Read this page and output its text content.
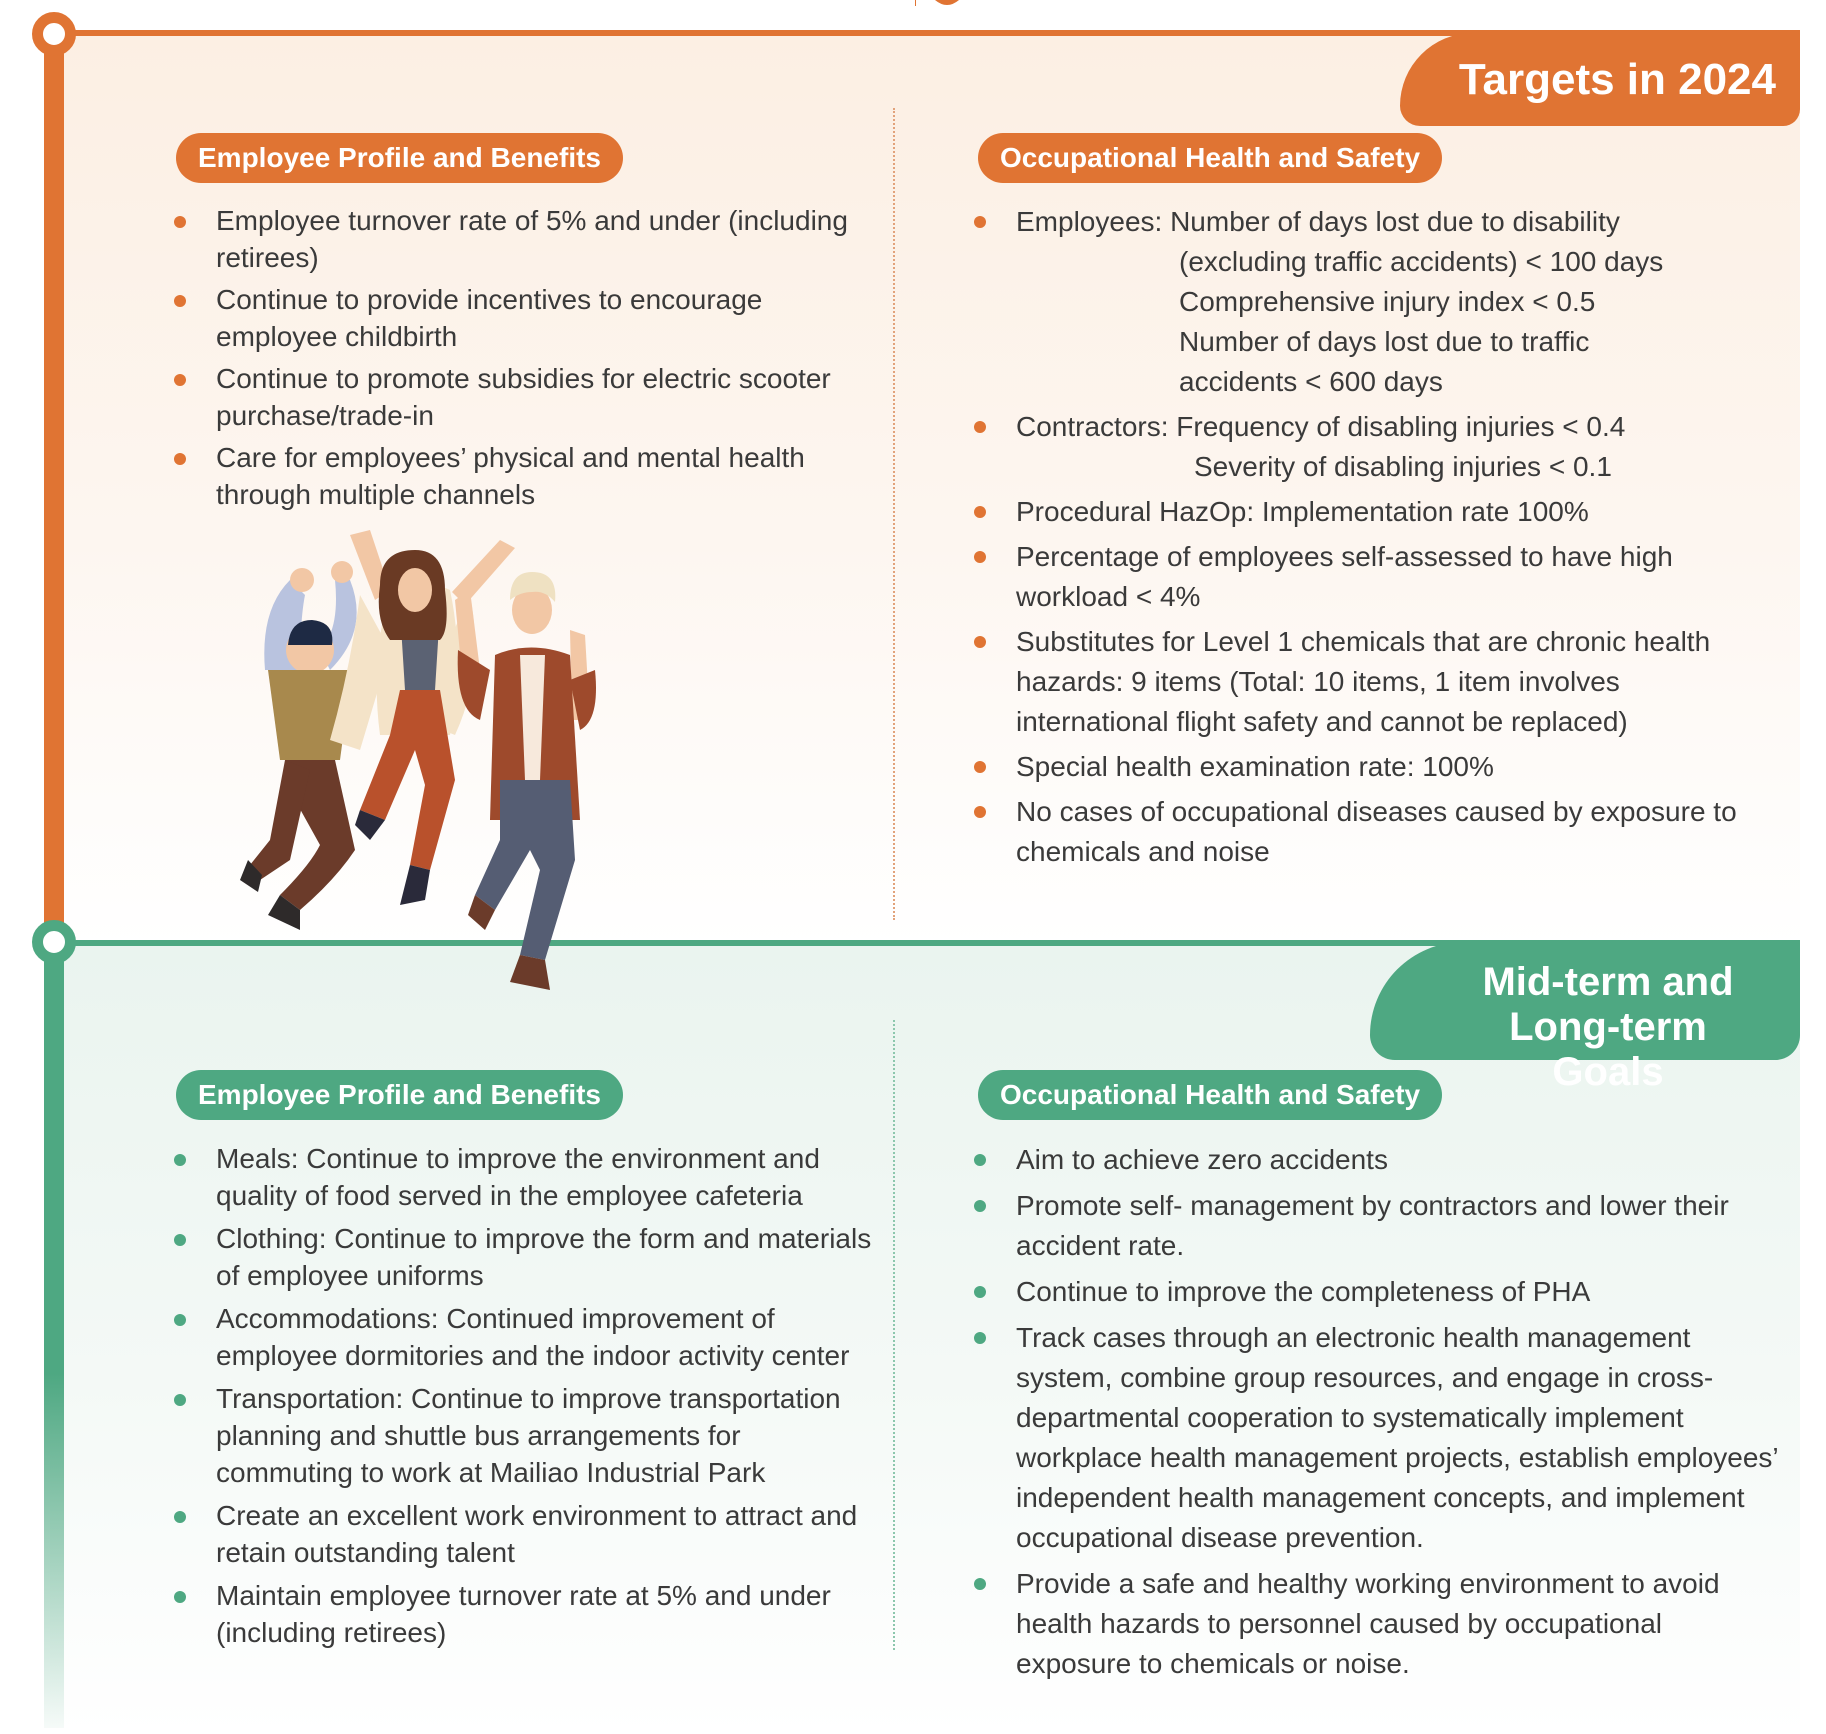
Targets in 2024
Employee Profile and Benefits	Occupational Health and Safety
Employee turnover rate of 5% and under (including retirees)
Continue to provide incentives to encourage employee childbirth
Continue to promote subsidies for electric scooter purchase/trade-in
Care for employees’ physical and mental health through multiple channels
Employees: Number of days lost due to disability
(excluding traffic accidents) < 100 days
Comprehensive injury index < 0.5
Number of days lost due to traffic
accidents < 600 days
Contractors: Frequency of disabling injuries < 0.4
Severity of disabling injuries < 0.1
Procedural HazOp: Implementation rate 100%
Percentage of employees self-assessed to have high workload < 4%
Substitutes for Level 1 chemicals that are chronic health hazards: 9 items (Total: 10 items, 1 item involves international flight safety and cannot be replaced)
Special health examination rate: 100%
No cases of occupational diseases caused by exposure to chemicals and noise
Mid-term and
Long-term Goals
Employee Profile and Benefits	Occupational Health and Safety
Meals: Continue to improve the environment and quality of food served in the employee cafeteria
Clothing: Continue to improve the form and materials of employee uniforms
Accommodations: Continued improvement of employee dormitories and the indoor activity center
Transportation: Continue to improve transportation planning and shuttle bus arrangements for commuting to work at Mailiao Industrial Park
Create an excellent work environment to attract and retain outstanding talent
Maintain employee turnover rate at 5% and under (including retirees)
Aim to achieve zero accidents
Promote self- management by contractors and lower their accident rate.
Continue to improve the completeness of PHA
Track cases through an electronic health management system, combine group resources, and engage in cross-departmental cooperation to systematically implement workplace health management projects, establish employees’ independent health management concepts, and implement occupational disease prevention.
Provide a safe and healthy working environment to avoid health hazards to personnel caused by occupational exposure to chemicals or noise.
